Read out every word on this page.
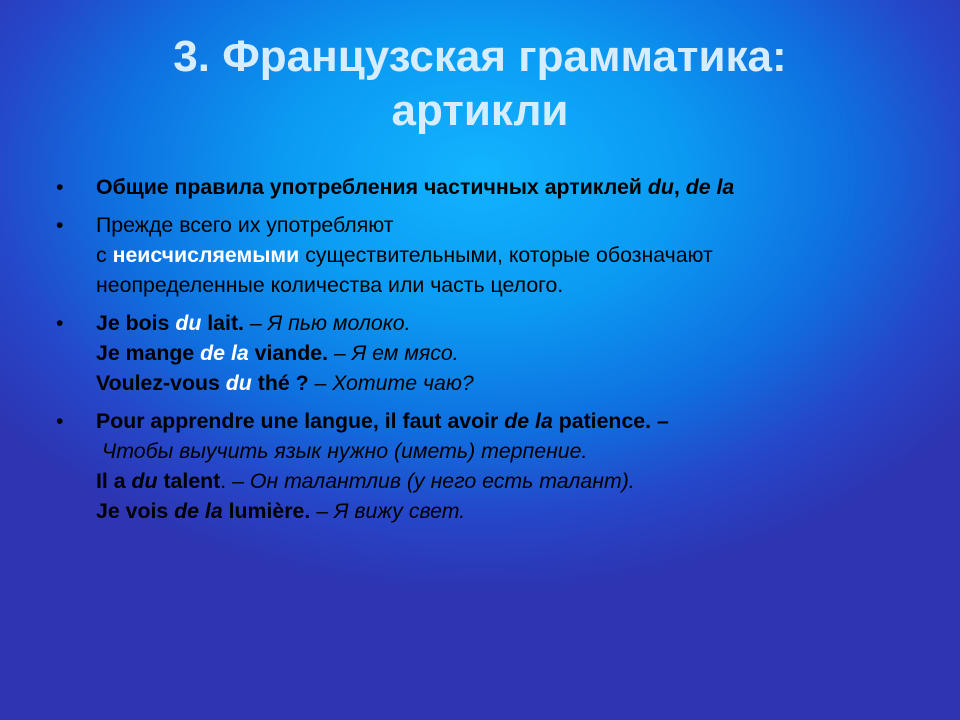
3. Французская грамматика:
артикли
• Общие правила употребления частичных артиклей du, de la
• Прежде всего их употребляют
с неисчисляемыми существительными, которые обозначают
неопределенные количества или часть целого.
• Je bois du lait. – Я пью молоко.
Je mange de la viande. – Я ем мясо.
Voulez-vous du thé ? – Хотите чаю?
• Pour apprendre une langue, il faut avoir de la patience. –
Чтобы выучить язык нужно (иметь) терпение.
Il a du talent. – Он талантлив (у него есть талант).
Je vois de la lumière. – Я вижу свет.
